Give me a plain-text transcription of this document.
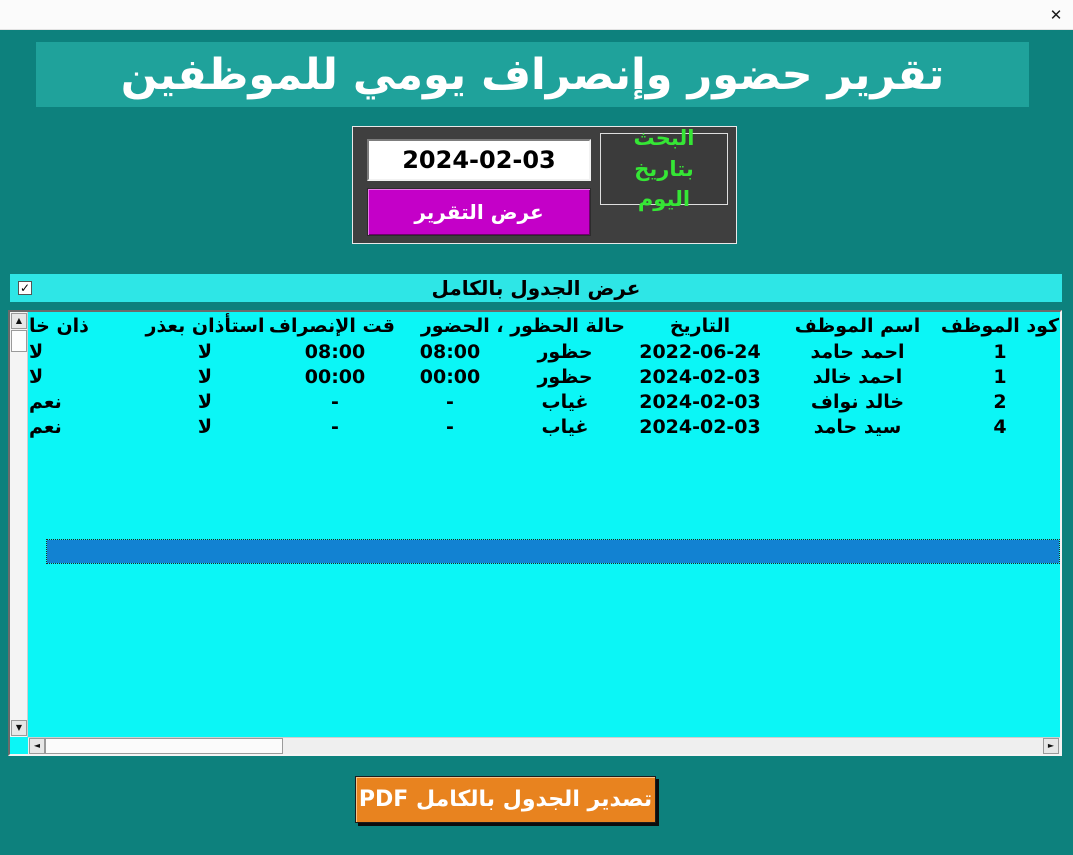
✕
تقرير حضور وإنصراف يومي للموظفين
2024-02-03
عرض التقرير
البحث بتاريخ
اليوم
✓	عرض الجدول بالكامل
كود الموظف
اسم الموظف
التاريخ
حالة الحظور ، الحضور
قت الإنصراف
استأذان بعذر
ذان خا
1
احمد حامد
2022-06-24
حظور
08:00
08:00
لا
لا
1
احمد خالد
2024-02-03
حظور
00:00
00:00
لا
لا
2
خالد نواف
2024-02-03
غياب
-
-
لا
نعم
4
سيد حامد
2024-02-03
غياب
-
-
لا
نعم
▲
▼
◄	►
تصدير الجدول بالكامل PDF
